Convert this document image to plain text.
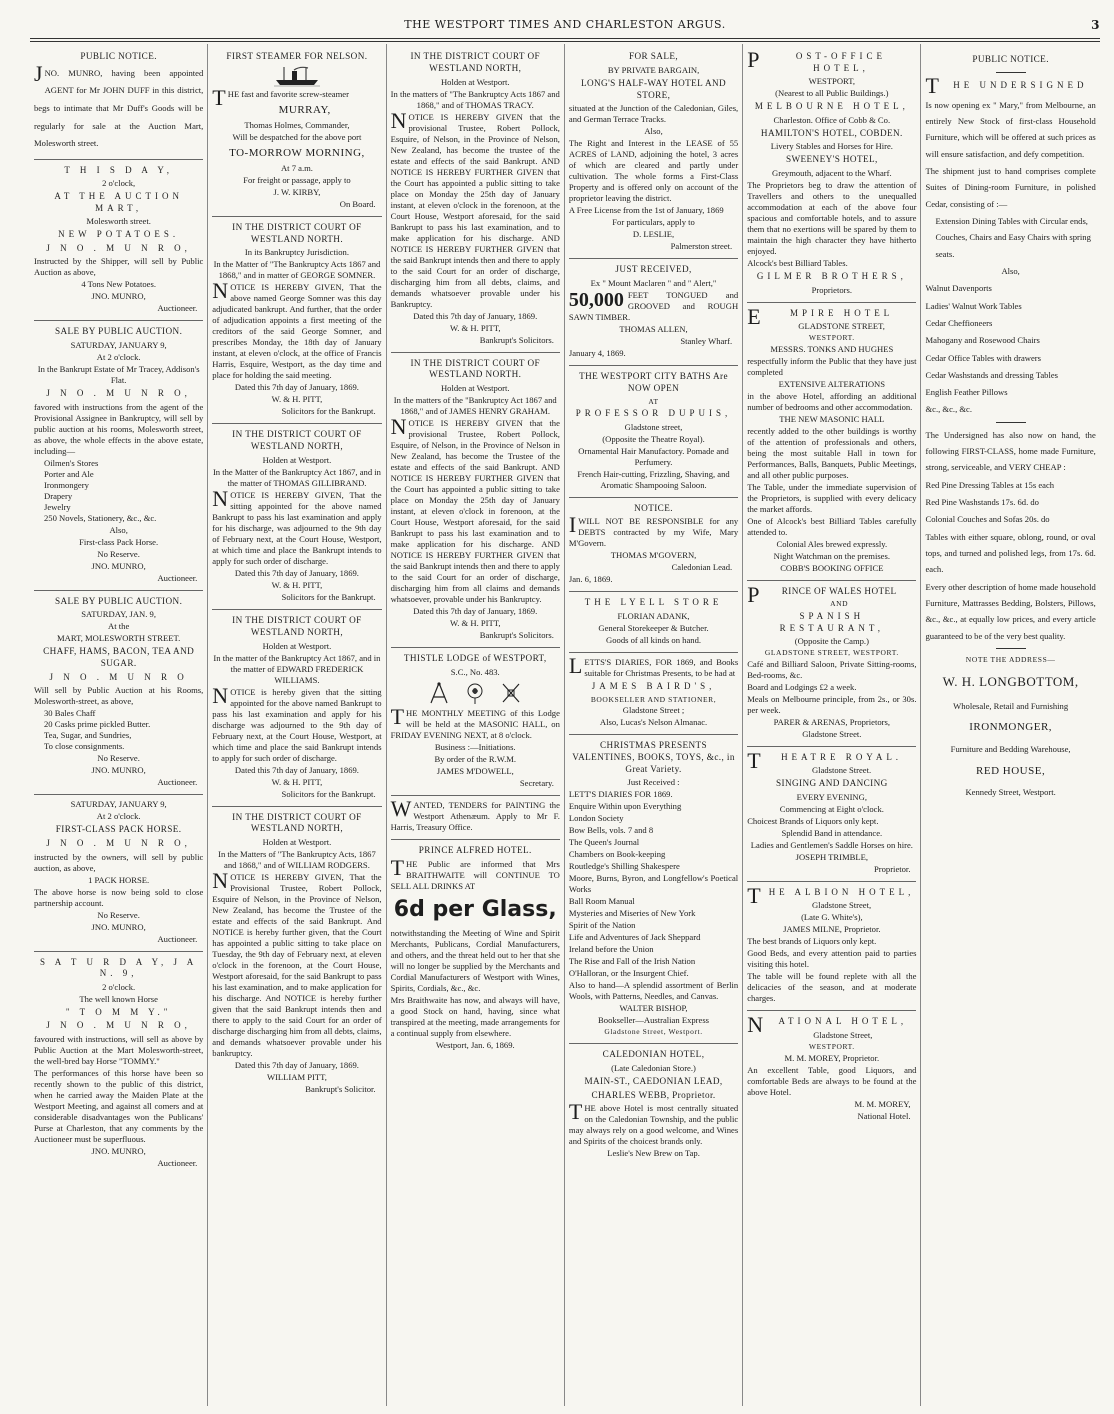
THE WESTPORT TIMES AND CHARLESTON ARGUS.	3
PUBLIC NOTICE.
JNO. MUNRO, having been appointed AGENT for Mr JOHN DUFF in this district, begs to intimate that Mr Duff's Goods will be regularly for sale at the Auction Mart, Molesworth street.
T H I S D A Y,
2 o'clock,
AT THE AUCTION MART,
Molesworth street.
NEW POTATOES.
J N O . M U N R O,
Instructed by the Shipper, will sell by Public Auction as above,
4 Tons New Potatoes.
JNO. MUNRO,
Auctioneer.
SALE BY PUBLIC AUCTION.
SATURDAY, JANUARY 9,
At 2 o'clock.
In the Bankrupt Estate of Mr Tracey, Addison's Flat.
J N O . M U N R O,
favored with instructions from the agent of the Provisional Assignee in Bankruptcy, will sell by public auction at his rooms, Molesworth street, as above, the whole effects in the above estate, including—
Oilmen's Stores
Porter and Ale
Ironmongery
Drapery
Jewelry
250 Novels, Stationery, &c., &c.
Also,
First-class Pack Horse.
No Reserve.
JNO. MUNRO,
Auctioneer.
SALE BY PUBLIC AUCTION.
SATURDAY, JAN. 9,
At the
MART, MOLESWORTH STREET.
CHAFF, HAMS, BACON, TEA AND SUGAR.
J N O . M U N R O
Will sell by Public Auction at his Rooms, Molesworth-street, as above,
30 Bales Chaff
20 Casks prime pickled Butter.
Tea, Sugar, and Sundries,
To close consignments.
No Reserve.
JNO. MUNRO,
Auctioneer.
SATURDAY, JANUARY 9,
At 2 o'clock.
FIRST-CLASS PACK HORSE.
J N O . M U N R O,
instructed by the owners, will sell by public auction, as above,
1 PACK HORSE.
The above horse is now being sold to close partnership account.
No Reserve.
JNO. MUNRO,
Auctioneer.
S A T U R D A Y, J A N. 9,
2 o'clock.
The well known Horse
" T O M M Y."
J N O . M U N R O,
favoured with instructions, will sell as above by Public Auction at the Mart Molesworth-street, the well-bred bay Horse "TOMMY."
The performances of this horse have been so recently shown to the public of this district, when he carried away the Maiden Plate at the Westport Meeting, and against all comers and at considerable disadvantages won the Publicans' Purse at Charleston, that any comments by the Auctioneer must be superfluous.
JNO. MUNRO,
Auctioneer.
FIRST STEAMER FOR NELSON.
THE fast and favorite screw-steamer
MURRAY,
Thomas Holmes, Commander,
Will be despatched for the above port
TO-MORROW MORNING,
At 7 a.m.
For freight or passage, apply to
J. W. KIRBY,
On Board.
IN THE DISTRICT COURT OF WESTLAND NORTH.
In its Bankruptcy Jurisdiction.
In the Matter of "The Bankruptcy Acts 1867 and 1868," and in matter of GEORGE SOMNER.
NOTICE IS HEREBY GIVEN, That the above named George Somner was this day adjudicated bankrupt. And further, that the order of adjudication appoints a first meeting of the creditors of the said George Somner, and prescribes Monday, the 18th day of January instant, at eleven o'clock, at the office of Francis Harris, Esquire, Westport, as the day time and place for holding the said meeting.
Dated this 7th day of January, 1869.
W. & H. PITT,
Solicitors for the Bankrupt.
IN THE DISTRICT COURT OF WESTLAND NORTH,
Holden at Westport.
In the Matter of the Bankruptcy Act 1867, and in the matter of THOMAS GILLIBRAND.
NOTICE IS HEREBY GIVEN, That the sitting appointed for the above named Bankrupt to pass his last examination and apply for his discharge, was adjourned to the 9th day of February next, at the Court House, Westport, at which time and place the Bankrupt intends to apply for such order of discharge.
Dated this 7th day of January, 1869.
W. & H. PITT,
Solicitors for the Bankrupt.
IN THE DISTRICT COURT OF WESTLAND NORTH,
Holden at Westport.
In the matter of the Bankruptcy Act 1867, and in the matter of EDWARD FREDERICK WILLIAMS.
NOTICE is hereby given that the sitting appointed for the above named Bankrupt to pass his last examination and apply for his discharge was adjourned to the 9th day of February next, at the Court House, Westport, at which time and place the said Bankrupt intends to apply for such order of discharge.
Dated this 7th day of January, 1869.
W. & H. PITT,
Solicitors for the Bankrupt.
IN THE DISTRICT COURT OF WESTLAND NORTH,
Holden at Westport.
In the Matters of "The Bankruptcy Acts, 1867 and 1868," and of WILLIAM RODGERS.
NOTICE IS HEREBY GIVEN, That the Provisional Trustee, Robert Pollock, Esquire of Nelson, in the Province of Nelson, New Zealand, has become the Trustee of the estate and effects of the said Bankrupt. And NOTICE is hereby further given, that the Court has appointed a public sitting to take place on Tuesday, the 9th day of February next, at eleven o'clock in the forenoon, at the Court House, Westport aforesaid, for the said Bankrupt to pass his last examination, and to make application for his discharge. And NOTICE is hereby further given that the said Bankrupt intends then and there to apply to the said Court for an order of discharge discharging him from all debts, claims, and demands whatsoever provable under his bankruptcy.
Dated this 7th day of January, 1869.
WILLIAM PITT,
Bankrupt's Solicitor.
IN THE DISTRICT COURT OF WESTLAND NORTH,
Holden at Westport.
In the matters of "The Bankruptcy Acts 1867 and 1868," and of THOMAS TRACY.
NOTICE IS HEREBY GIVEN that the provisional Trustee, Robert Pollock, Esquire, of Nelson, in the Province of Nelson, New Zealand, has become the trustee of the estate and effects of the said Bankrupt. AND NOTICE IS HEREBY FURTHER GIVEN that the Court has appointed a public sitting to take place on Monday the 25th day of January instant, at eleven o'clock in the forenoon, at the Court House, Westport aforesaid, for the said Bankrupt to pass his last examination, and to make application for his discharge. AND NOTICE IS HEREBY FURTHER GIVEN that the said Bankrupt intends then and there to apply to the said Court for an order of discharge, discharging him from all debts, claims, and demands whatsoever provable under his Bankruptcy.
Dated this 7th day of January, 1869.
W. & H. PITT,
Bankrupt's Solicitors.
IN THE DISTRICT COURT OF WESTLAND NORTH.
Holden at Westport.
In the matters of the "Bankruptcy Act 1867 and 1868," and of JAMES HENRY GRAHAM.
NOTICE IS HEREBY GIVEN that the provisional Trustee, Robert Pollock, Esquire, of Nelson, in the Province of Nelson in New Zealand, has become the Trustee of the estate and effects of the said Bankrupt. AND NOTICE IS HEREBY FURTHER GIVEN that the Court has appointed a public sitting to take place on Monday the 25th day of January instant, at eleven o'clock in forenoon, at the Court House, Westport aforesaid, for the said Bankrupt to pass his last examination and to make application for his discharge. AND NOTICE IS HEREBY FURTHER GIVEN that the said Bankrupt intends then and there to apply to the said Court for an order of discharge, discharging him from all claims and demands whatsoever, provable under his Bankruptcy.
Dated this 7th day of January, 1869.
W. & H. PITT,
Bankrupt's Solicitors.
THISTLE LODGE of WESTPORT,
S.C., No. 483.
THE MONTHLY MEETING of this Lodge will be held at the MASONIC HALL, on FRIDAY EVENING NEXT, at 8 o'clock.
Business :—Initiations.
By order of the R.W.M.
JAMES M'DOWELL,
Secretary.
WANTED, TENDERS for PAINTING the Westport Athenæum. Apply to Mr F. Harris, Treasury Office.
PRINCE ALFRED HOTEL.
THE Public are informed that Mrs BRAITHWAITE will CONTINUE TO SELL ALL DRINKS AT
6d per Glass,
notwithstanding the Meeting of Wine and Spirit Merchants, Publicans, Cordial Manufacturers, and others, and the threat held out to her that she will no longer be supplied by the Merchants and Cordial Manufacturers of Westport with Wines, Spirits, Cordials, &c., &c.
Mrs Braithwaite has now, and always will have, a good Stock on hand, having, since what transpired at the meeting, made arrangements for a continual supply from elsewhere.
Westport, Jan. 6, 1869.
FOR SALE,
BY PRIVATE BARGAIN,
LONG'S HALF-WAY HOTEL AND STORE,
situated at the Junction of the Caledonian, Giles, and German Terrace Tracks.
Also,
The Right and Interest in the LEASE of 55 ACRES of LAND, adjoining the hotel, 3 acres of which are cleared and partly under cultivation. The whole forms a First-Class Property and is offered only on account of the proprietor leaving the district.
A Free License from the 1st of January, 1869
For particulars, apply to
D. LESLIE,
Palmerston street.
JUST RECEIVED,
Ex " Mount Maclaren " and " Alert,"
50,000 FEET TONGUED and GROOVED and ROUGH SAWN TIMBER.
THOMAS ALLEN,
Stanley Wharf.
January 4, 1869.
THE WESTPORT CITY BATHS Are NOW OPEN
AT
PROFESSOR DUPUIS,
Gladstone street,
(Opposite the Theatre Royal).
Ornamental Hair Manufactory. Pomade and Perfumery.
French Hair-cutting, Frizzling, Shaving, and Aromatic Shampooing Saloon.
NOTICE.
IWILL NOT BE RESPONSIBLE for any DEBTS contracted by my Wife, Mary M'Govern.
THOMAS M'GOVERN,
Caledonian Lead.
Jan. 6, 1869.
THE LYELL STORE
FLORIAN ADANK,
General Storekeeper & Butcher.
Goods of all kinds on hand.
LETTS'S DIARIES, FOR 1869, and Books suitable for Christmas Presents, to be had at
JAMES BAIRD'S,
BOOKSELLER AND STATIONER,
Gladstone Street ;
Also, Lucas's Nelson Almanac.
CHRISTMAS PRESENTS VALENTINES, BOOKS, TOYS, &c., in Great Variety.
Just Received :
LETT'S DIARIES FOR 1869.
Enquire Within upon Everything
London Society
Bow Bells, vols. 7 and 8
The Queen's Journal
Chambers on Book-keeping
Routledge's Shilling Shakespere
Moore, Burns, Byron, and Longfellow's Poetical Works
Ball Room Manual
Mysteries and Miseries of New York
Spirit of the Nation
Life and Adventures of Jack Sheppard
Ireland before the Union
The Rise and Fall of the Irish Nation
O'Halloran, or the Insurgent Chief.
Also to hand—A splendid assortment of Berlin Wools, with Patterns, Needles, and Canvas.
WALTER BISHOP,
Bookseller—Australian Express
Gladstone Street, Westport.
CALEDONIAN HOTEL,
(Late Caledonian Store.)
MAIN-ST., CAEDONIAN LEAD,
CHARLES WEBB, Proprietor.
THE above Hotel is most centrally situated on the Caledonian Township, and the public may always rely on a good welcome, and Wines and Spirits of the choicest brands only.
Leslie's New Brew on Tap.
POST-OFFICE HOTEL,
WESTPORT,
(Nearest to all Public Buildings.)
MELBOURNE HOTEL,
Charleston. Office of Cobb & Co.
HAMILTON'S HOTEL, COBDEN.
Livery Stables and Horses for Hire.
SWEENEY'S HOTEL,
Greymouth, adjacent to the Wharf.
The Proprietors beg to draw the attention of Travellers and others to the unequalled accommodation at each of the above four spacious and comfortable hotels, and to assure them that no exertions will be spared by them to maintain the high character they have hitherto enjoyed.
Alcock's best Billiard Tables.
GILMER BROTHERS,
Proprietors.
EMPIRE HOTEL
GLADSTONE STREET,
WESTPORT.
MESSRS. TONKS AND HUGHES
respectfully inform the Public that they have just completed
EXTENSIVE ALTERATIONS
in the above Hotel, affording an additional number of bedrooms and other accommodation.
THE NEW MASONIC HALL
recently added to the other buildings is worthy of the attention of professionals and others, being the most suitable Hall in town for Performances, Balls, Banquets, Public Meetings, and all other public purposes.
The Table, under the immediate supervision of the Proprietors, is supplied with every delicacy the market affords.
One of Alcock's best Billiard Tables carefully attended to.
Colonial Ales brewed expressly.
Night Watchman on the premises.
COBB'S BOOKING OFFICE
PRINCE OF WALES HOTEL
AND
SPANISH RESTAURANT,
(Opposite the Camp.)
GLADSTONE STREET, WESTPORT.
Café and Billiard Saloon, Private Sitting-rooms, Bed-rooms, &c.
Board and Lodgings £2 a week.
Meals on Melbourne principle, from 2s., or 30s. per week.
PARER & ARENAS, Proprietors,
Gladstone Street.
THEATRE ROYAL.
Gladstone Street.
SINGING AND DANCING
EVERY EVENING,
Commencing at Eight o'clock.
Choicest Brands of Liquors only kept.
Splendid Band in attendance.
Ladies and Gentlemen's Saddle Horses on hire.
JOSEPH TRIMBLE,
Proprietor.
THE ALBION HOTEL,
Gladstone Street,
(Late G. White's),
JAMES MILNE, Proprietor.
The best brands of Liquors only kept.
Good Beds, and every attention paid to parties visiting this hotel.
The table will be found replete with all the delicacies of the season, and at moderate charges.
NATIONAL HOTEL,
Gladstone Street,
WESTPORT.
M. M. MOREY, Proprietor.
An excellent Table, good Liquors, and comfortable Beds are always to be found at the above Hotel.
M. M. MOREY,
National Hotel.
PUBLIC NOTICE.
THE UNDERSIGNED
Is now opening ex " Mary," from Melbourne, an entirely New Stock of first-class Household Furniture, which will be offered at such prices as will ensure satisfaction, and defy competition.
The shipment just to hand comprises complete Suites of Dining-room Furniture, in polished Cedar, consisting of :—
Extension Dining Tables with Circular ends, Couches, Chairs and Easy Chairs with spring seats.
Also,
Walnut Davenports
Ladies' Walnut Work Tables
Cedar Cheffioneers
Mahogany and Rosewood Chairs
Cedar Office Tables with drawers
Cedar Washstands and dressing Tables
English Feather Pillows
&c., &c., &c.
The Undersigned has also now on hand, the following FIRST-CLASS, home made Furniture, strong, serviceable, and VERY CHEAP :
Red Pine Dressing Tables at 15s each
Red Pine Washstands 17s. 6d. do
Colonial Couches and Sofas 20s. do
Tables with either square, oblong, round, or oval tops, and turned and polished legs, from 17s. 6d. each.
Every other description of home made household Furniture, Mattrasses Bedding, Bolsters, Pillows, &c., &c., at equally low prices, and every article guaranteed to be of the very best quality.
NOTE THE ADDRESS—
W. H. LONGBOTTOM,
Wholesale, Retail and Furnishing
IRONMONGER,
Furniture and Bedding Warehouse,
RED HOUSE,
Kennedy Street, Westport.
